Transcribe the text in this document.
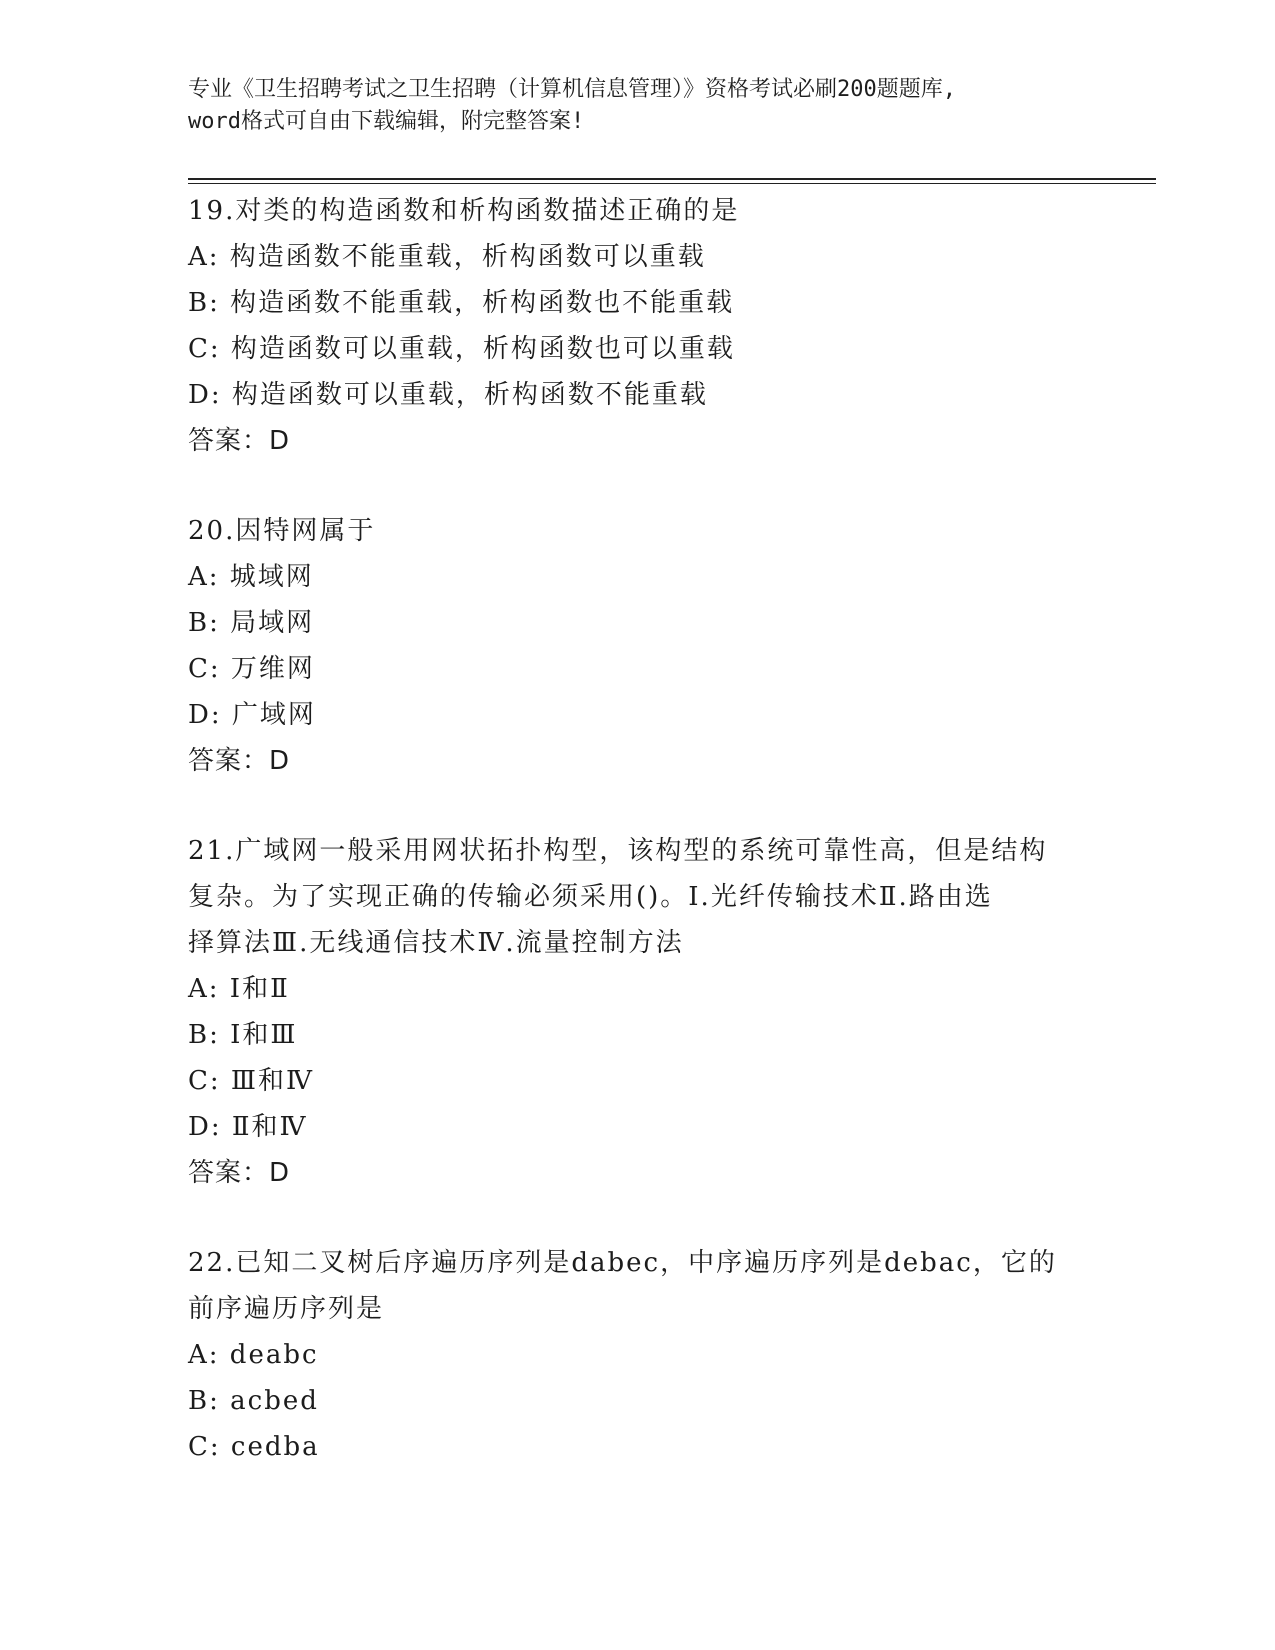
专业《卫生招聘考试之卫生招聘（计算机信息管理）》资格考试必刷200题题库,
word格式可自由下载编辑，附完整答案!
19.对类的构造函数和析构函数描述正确的是
A: 构造函数不能重载，析构函数可以重载
B: 构造函数不能重载，析构函数也不能重载
C: 构造函数可以重载，析构函数也可以重载
D: 构造函数可以重载，析构函数不能重载
答案：D
20.因特网属于
A: 城域网
B: 局域网
C: 万维网
D: 广域网
答案：D
21.广域网一般采用网状拓扑构型，该构型的系统可靠性高，但是结构
复杂。为了实现正确的传输必须采用()。Ⅰ.光纤传输技术Ⅱ.路由选
择算法Ⅲ.无线通信技术Ⅳ.流量控制方法
A: Ⅰ和Ⅱ
B: Ⅰ和Ⅲ
C: Ⅲ和Ⅳ
D: Ⅱ和Ⅳ
答案：D
22.已知二叉树后序遍历序列是dabec，中序遍历序列是debac，它的
前序遍历序列是
A: deabc
B: acbed
C: cedba
